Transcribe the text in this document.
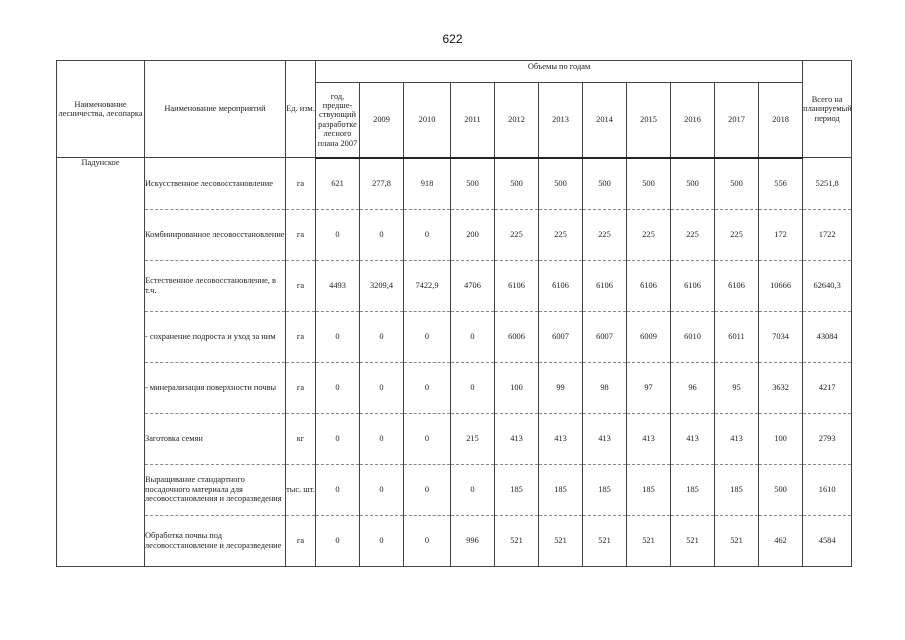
622
Наименование лесничества, лесопарка	Наименование мероприятий	Ед. изм.	Объемы по годам											Всего на планируемый период
			год, предше-ствующий разработке лесного плана 2007	2009	2010	2011	2012	2013	2014	2015	2016	2017	2018	
Падунское	Искусственное лесовосстановление	га	621	277,8	918	500	500	500	500	500	500	500	556	5251,8
	Комбинированное лесовосстановление	га	0	0	0	200	225	225	225	225	225	225	172	1722
	Естественное лесовосстановление, в т.ч.	га	4493	3209,4	7422,9	4706	6106	6106	6106	6106	6106	6106	10666	62640,3
	- сохранение подроста и уход за ним	га	0	0	0	0	6006	6007	6007	6009	6010	6011	7034	43084
	- минерализация поверхности почвы	га	0	0	0	0	100	99	98	97	96	95	3632	4217
	Заготовка семян	кг	0	0	0	215	413	413	413	413	413	413	100	2793
	Выращивание стандартного посадочного материала для лесовосстановления и лесоразведения	тыс. шт.	0	0	0	0	185	185	185	185	185	185	500	1610
	Обработка почвы под лесовосстановление и лесоразведение	га	0	0	0	996	521	521	521	521	521	521	462	4584
